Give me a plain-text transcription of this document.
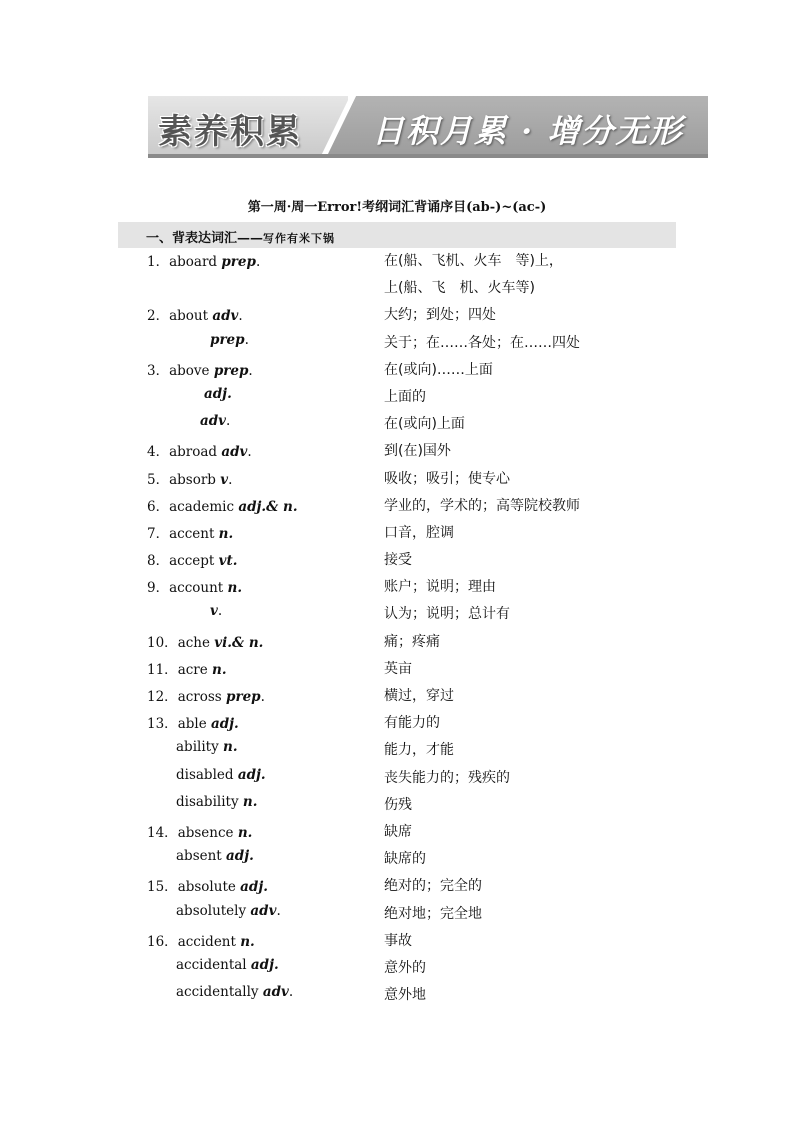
素养积累 日积月累 · 增分无形
第一周·周一Error!考纲词汇背诵序目(ab-)~(ac-)
一、背表达词汇——写作有米下锅
1．aboard prep.	在(船、飞机、火车　等)上，
上(船、飞　机、火车等)
2．about adv.	大约；到处；四处
prep.	关于；在……各处；在……四处
3．above prep.	在(或向)……上面
adj.	上面的
adv.	在(或向)上面
4．abroad adv.	到(在)国外
5．absorb v.	吸收；吸引；使专心
6．academic adj.& n.	学业的，学术的；高等院校教师
7．accent n.	口音，腔调
8．accept vt.	接受
9．account n.	账户；说明；理由
v.	认为；说明；总计有
10．ache vi.& n.	痛；疼痛
11．acre n.	英亩
12．across prep.	横过，穿过
13．able adj.	有能力的
ability n.	能力，才能
disabled adj.	丧失能力的；残疾的
disability n.	伤残
14．absence n.	缺席
absent adj.	缺席的
15．absolute adj.	绝对的；完全的
absolutely adv.	绝对地；完全地
16．accident n.	事故
accidental adj.	意外的
accidentally adv.	意外地
